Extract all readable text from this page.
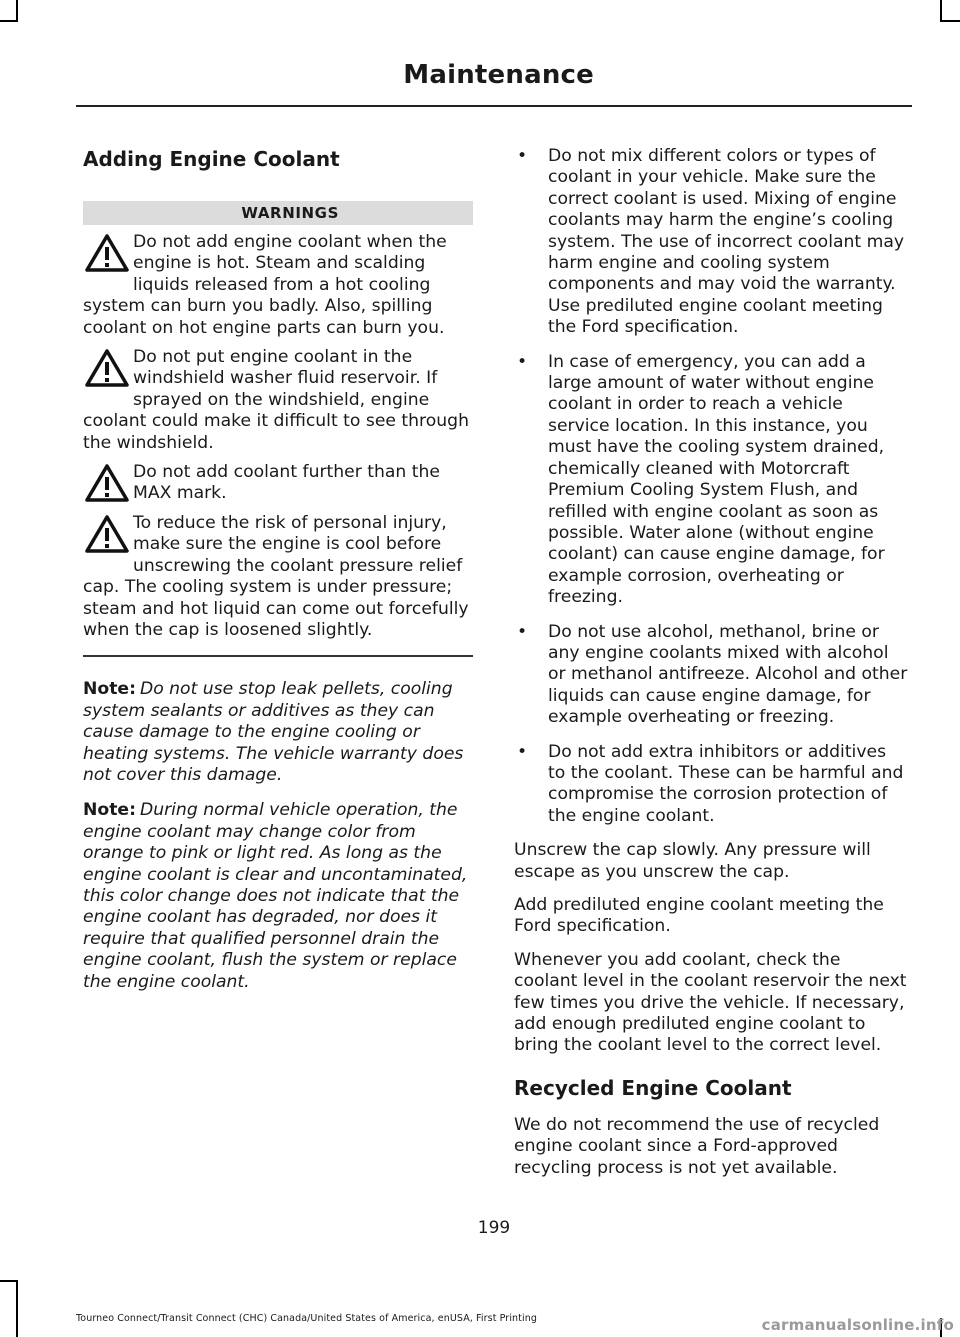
Maintenance
Adding Engine Coolant
WARNINGS

Do not add engine coolant when the engine is hot. Steam and scalding liquids released from a hot cooling system can burn you badly. Also, spilling coolant on hot engine parts can burn you.

Do not put engine coolant in the windshield washer fluid reservoir. If sprayed on the windshield, engine coolant could make it difficult to see through the windshield.

Do not add coolant further than the MAX mark.

To reduce the risk of personal injury, make sure the engine is cool before unscrewing the coolant pressure relief cap. The cooling system is under pressure; steam and hot liquid can come out forcefully when the cap is loosened slightly.

Note: Do not use stop leak pellets, cooling system sealants or additives as they can cause damage to the engine cooling or heating systems. The vehicle warranty does not cover this damage.

Note: During normal vehicle operation, the engine coolant may change color from orange to pink or light red. As long as the engine coolant is clear and uncontaminated, this color change does not indicate that the engine coolant has degraded, nor does it require that qualified personnel drain the engine coolant, flush the system or replace the engine coolant.

• Do not mix different colors or types of coolant in your vehicle. Make sure the correct coolant is used. Mixing of engine coolants may harm the engine’s cooling system. The use of incorrect coolant may harm engine and cooling system components and may void the warranty. Use prediluted engine coolant meeting the Ford specification.
• In case of emergency, you can add a large amount of water without engine coolant in order to reach a vehicle service location. In this instance, you must have the cooling system drained, chemically cleaned with Motorcraft Premium Cooling System Flush, and refilled with engine coolant as soon as possible. Water alone (without engine coolant) can cause engine damage, for example corrosion, overheating or freezing.
• Do not use alcohol, methanol, brine or any engine coolants mixed with alcohol or methanol antifreeze. Alcohol and other liquids can cause engine damage, for example overheating or freezing.
• Do not add extra inhibitors or additives to the coolant. These can be harmful and compromise the corrosion protection of the engine coolant.

Unscrew the cap slowly. Any pressure will escape as you unscrew the cap.

Add prediluted engine coolant meeting the Ford specification.

Whenever you add coolant, check the coolant level in the coolant reservoir the next few times you drive the vehicle. If necessary, add enough prediluted engine coolant to bring the coolant level to the correct level.

Recycled Engine Coolant

We do not recommend the use of recycled engine coolant since a Ford-approved recycling process is not yet available.

199
Tourneo Connect/Transit Connect (CHC) Canada/United States of America, enUSA, First Printing	carmanualsonline.info
